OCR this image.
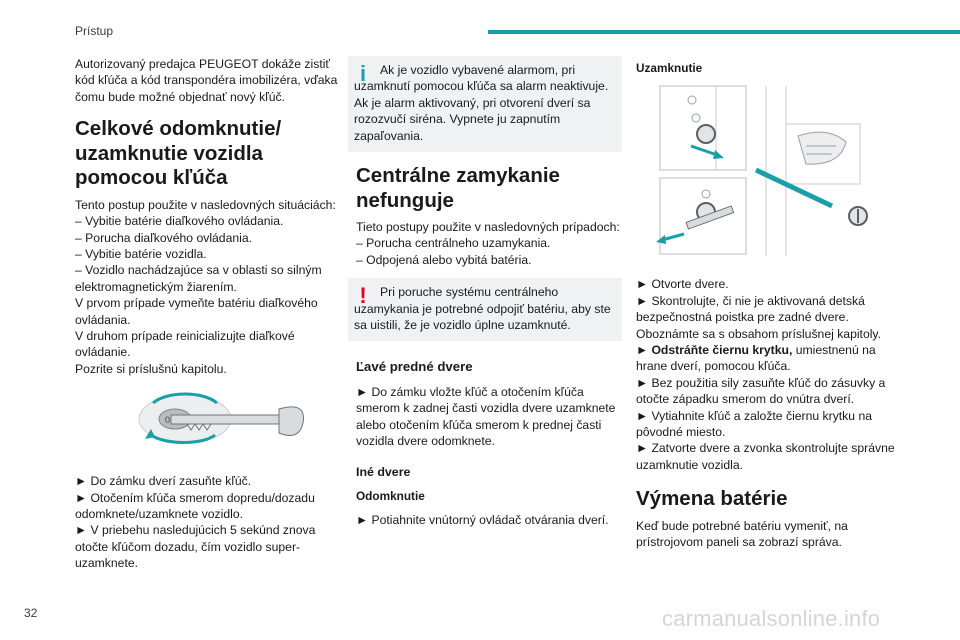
Prístup

Autorizovaný predajca PEUGEOT dokáže zistiť kód kľúča a kód transpondéra imobilizéra, vďaka čomu bude možné objednať nový kľúč.

Celkové odomknutie/ uzamknutie vozidla pomocou kľúča

Tento postup použite v nasledovných situáciách:

– Vybitie batérie diaľkového ovládania.

– Porucha diaľkového ovládania.

– Vybitie batérie vozidla.

– Vozidlo nachádzajúce sa v oblasti so silným elektromagnetickým žiarením.

V prvom prípade vymeňte batériu diaľkového ovládania.

V druhom prípade reinicializujte diaľkové ovládanie.

Pozrite si príslušnú kapitolu.

0

► Do zámku dverí zasuňte kľúč.

► Otočením kľúča smerom dopredu/dozadu odomknete/uzamknete vozidlo.

► V priebehu nasledujúcich 5 sekúnd znova otočte kľúčom dozadu, čím vozidlo super-uzamknete.

i	Ak je vozidlo vybavené alarmom, pri uzamknutí pomocou kľúča sa alarm neaktivuje.

Ak je alarm aktivovaný, pri otvorení dverí sa rozozvučí siréna. Vypnete ju zapnutím zapaľovania.

Centrálne zamykanie nefunguje

Tieto postupy použite v nasledovných prípadoch:

– Porucha centrálneho uzamykania.

– Odpojená alebo vybitá batéria.

!	Pri poruche systému centrálneho uzamykania je potrebné odpojiť batériu, aby ste sa uistili, že je vozidlo úplne uzamknuté.

Ľavé predné dvere

► Do zámku vložte kľúč a otočením kľúča smerom k zadnej časti vozidla dvere uzamknete alebo otočením kľúča smerom k prednej časti vozidla dvere odomknete.

Iné dvere
Odomknutie

► Potiahnite vnútorný ovládač otvárania dverí.

Uzamknutie

► Otvorte dvere.

► Skontrolujte, či nie je aktivovaná detská bezpečnostná poistka pre zadné dvere.

Oboznámte sa s obsahom príslušnej kapitoly.

► Odstráňte čiernu krytku, umiestnenú na hrane dverí, pomocou kľúča.

► Bez použitia sily zasuňte kľúč do zásuvky a otočte západku smerom do vnútra dverí.

► Vytiahnite kľúč a založte čiernu krytku na pôvodné miesto.

► Zatvorte dvere a zvonka skontrolujte správne uzamknutie vozidla.

Výmena batérie

Keď bude potrebné batériu vymeniť, na prístrojovom paneli sa zobrazí správa.

32	carmanualsonline.info
